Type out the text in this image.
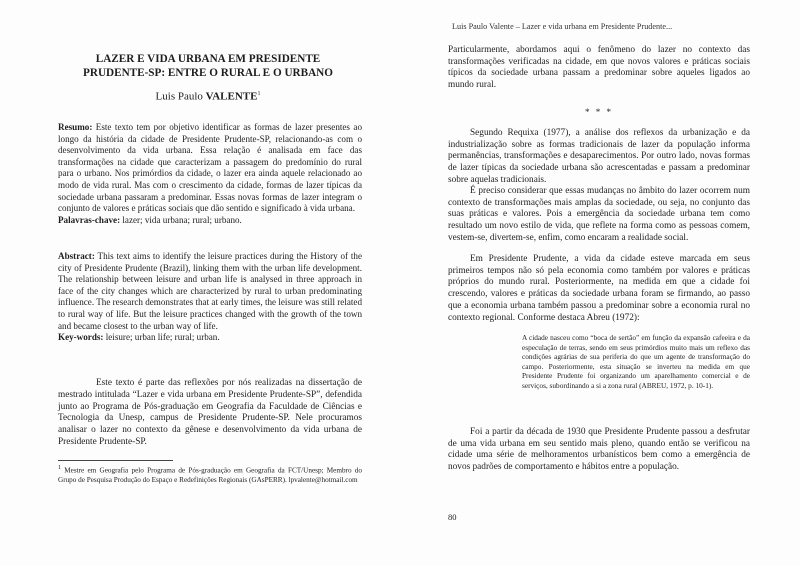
LAZER E VIDA URBANA EM PRESIDENTE
PRUDENTE-SP: ENTRE O RURAL E O URBANO
Luis Paulo VALENTE$^1$

Resumo: Este texto tem por objetivo identificar as formas de lazer presentes ao longo da história da cidade de Presidente Prudente-SP, relacionando-as com o desenvolvimento da vida urbana. Essa relação é analisada em face das transformações na cidade que caracterizam a passagem do predomínio do rural para o urbano. Nos primórdios da cidade, o lazer era ainda aquele relacionado ao modo de vida rural. Mas com o crescimento da cidade, formas de lazer típicas da sociedade urbana passaram a predominar. Essas novas formas de lazer integram o conjunto de valores e práticas sociais que dão sentido e significado à vida urbana.
Palavras-chave: lazer; vida urbana; rural; urbano.

Abstract: This text aims to identify the leisure practices during the History of the city of Presidente Prudente (Brazil), linking them with the urban life development. The relationship between leisure and urban life is analysed in three approach in face of the city changes which are characterized by rural to urban predominating influence. The research demonstrates that at early times, the leisure was still related to rural way of life. But the leisure practices changed with the growth of the town and became closest to the urban way of life.
Key-words: leisure; urban life; rural; urban.

Este texto é parte das reflexões por nós realizadas na dissertação de mestrado intitulada “Lazer e vida urbana em Presidente Prudente-SP”, defendida junto ao Programa de Pós-graduação em Geografia da Faculdade de Ciências e Tecnologia da Unesp, campus de Presidente Prudente-SP. Nele procuramos analisar o lazer no contexto da gênese e desenvolvimento da vida urbana de Presidente Prudente-SP.

$^1$ Mestre em Geografia pelo Programa de Pós-graduação em Geografia da FCT/Unesp; Membro do Grupo de Pesquisa Produção do Espaço e Redefinições Regionais (GAsPERR). lpvalente@hotmail.com

Luis Paulo Valente – Lazer e vida urbana em Presidente Prudente...

Particularmente, abordamos aqui o fenômeno do lazer no contexto das transformações verificadas na cidade, em que novos valores e práticas sociais típicos da sociedade urbana passam a predominar sobre aqueles ligados ao mundo rural.

* * *

Segundo Requixa (1977), a análise dos reflexos da urbanização e da industrialização sobre as formas tradicionais de lazer da população informa permanências, transformações e desaparecimentos. Por outro lado, novas formas de lazer típicas da sociedade urbana são acrescentadas e passam a predominar sobre aquelas tradicionais.

É preciso considerar que essas mudanças no âmbito do lazer ocorrem num contexto de transformações mais amplas da sociedade, ou seja, no conjunto das suas práticas e valores. Pois a emergência da sociedade urbana tem como resultado um novo estilo de vida, que reflete na forma como as pessoas comem, vestem-se, divertem-se, enfim, como encaram a realidade social.

Em Presidente Prudente, a vida da cidade esteve marcada em seus primeiros tempos não só pela economia como também por valores e práticas próprios do mundo rural. Posteriormente, na medida em que a cidade foi crescendo, valores e práticas da sociedade urbana foram se firmando, ao passo que a economia urbana também passou a predominar sobre a economia rural no contexto regional. Conforme destaca Abreu (1972):

A cidade nasceu como “boca de sertão” em função da expansão cafeeira e da especulação de terras, sendo em seus primórdios muito mais um reflexo das condições agrárias de sua periferia do que um agente de transformação do campo. Posteriormente, esta situação se inverteu na medida em que Presidente Prudente foi organizando um aparelhamento comercial e de serviços, subordinando a si a zona rural (ABREU, 1972, p. 10-1).

Foi a partir da década de 1930 que Presidente Prudente passou a desfrutar de uma vida urbana em seu sentido mais pleno, quando então se verificou na cidade uma série de melhoramentos urbanísticos bem como a emergência de novos padrões de comportamento e hábitos entre a população.

80
